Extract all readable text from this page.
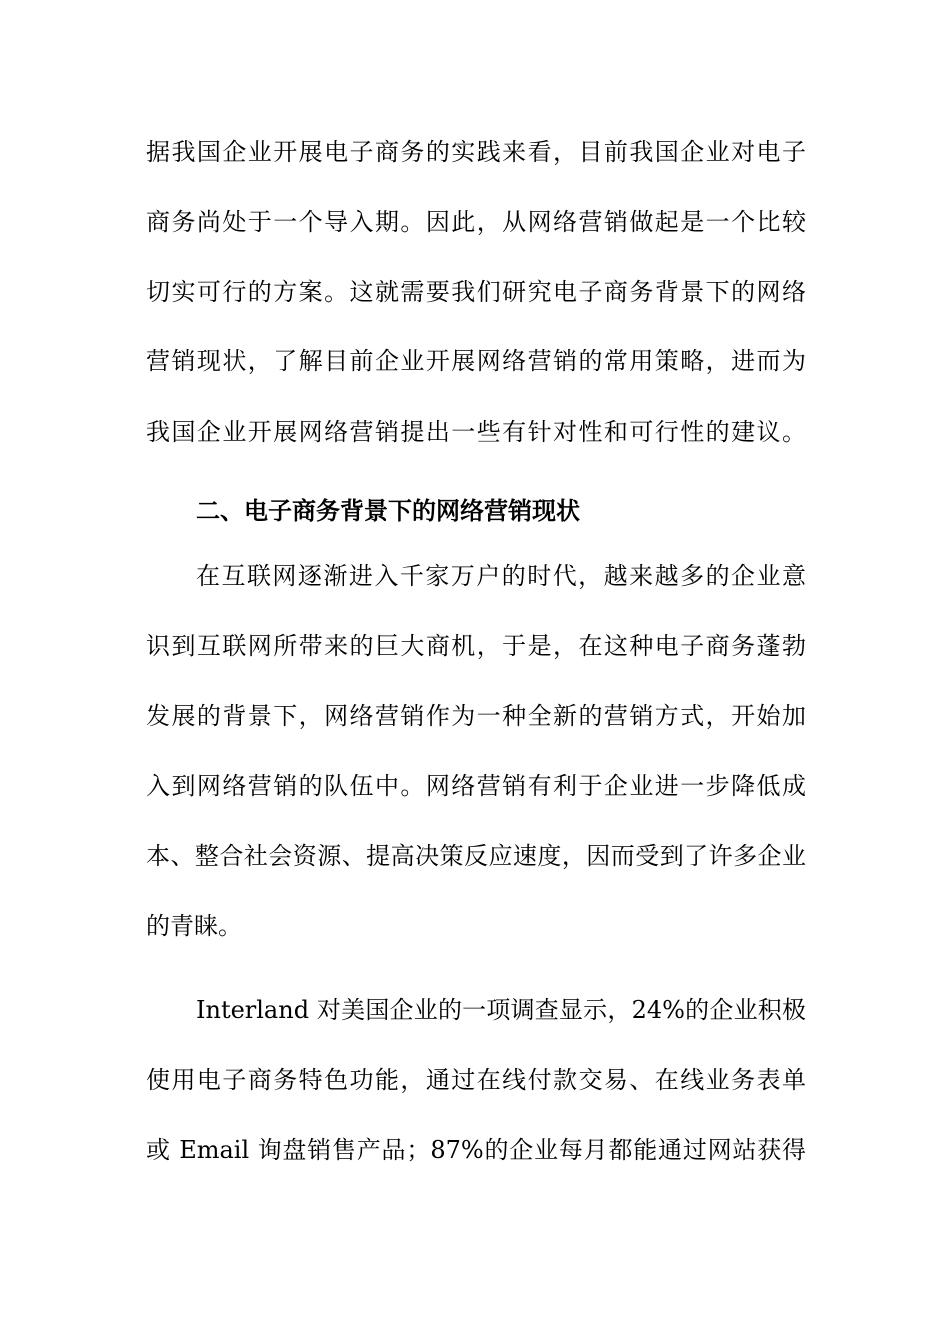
据我国企业开展电子商务的实践来看，目前我国企业对电子
商务尚处于一个导入期。因此，从网络营销做起是一个比较
切实可行的方案。这就需要我们研究电子商务背景下的网络
营销现状，了解目前企业开展网络营销的常用策略，进而为
我国企业开展网络营销提出一些有针对性和可行性的建议。
二、电子商务背景下的网络营销现状
在互联网逐渐进入千家万户的时代，越来越多的企业意
识到互联网所带来的巨大商机，于是，在这种电子商务蓬勃
发展的背景下，网络营销作为一种全新的营销方式，开始加
入到网络营销的队伍中。网络营销有利于企业进一步降低成
本、整合社会资源、提高决策反应速度，因而受到了许多企业
的青睐。
Interland 对美国企业的一项调查显示，24%的企业积极
使用电子商务特色功能，通过在线付款交易、在线业务表单
或 Email 询盘销售产品；87%的企业每月都能通过网站获得
